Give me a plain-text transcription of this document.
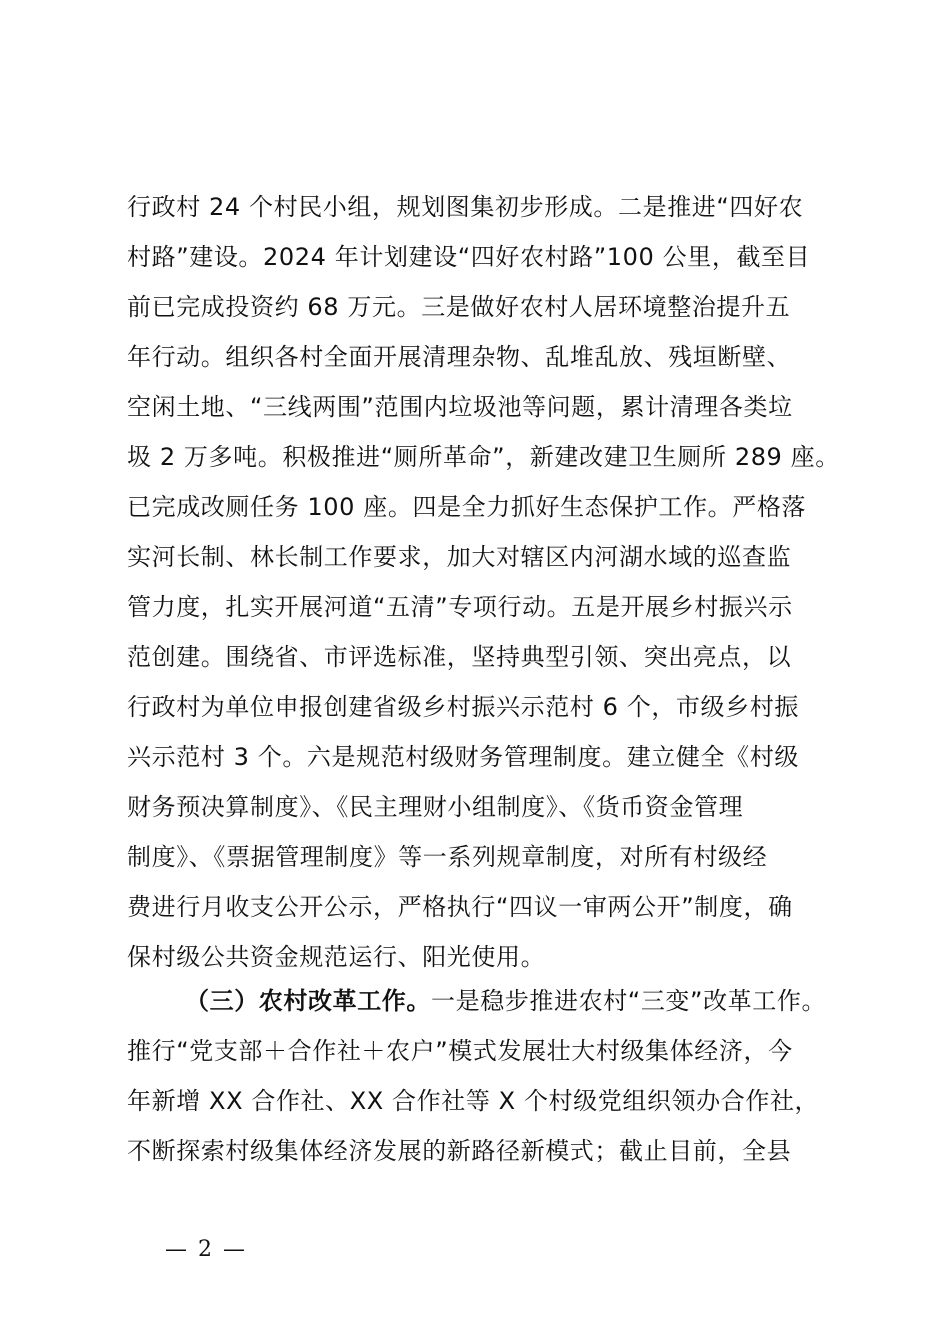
行政村 24 个村民小组，规划图集初步形成。二是推进“四好农
村路”建设。2024 年计划建设“四好农村路”100 公里，截至目
前已完成投资约 68 万元。三是做好农村人居环境整治提升五
年行动。组织各村全面开展清理杂物、乱堆乱放、残垣断壁、
空闲土地、“三线两围”范围内垃圾池等问题，累计清理各类垃
圾 2 万多吨。积极推进“厕所革命”，新建改建卫生厕所 289 座。
已完成改厕任务 100 座。四是全力抓好生态保护工作。严格落
实河长制、林长制工作要求，加大对辖区内河湖水域的巡查监
管力度，扎实开展河道“五清”专项行动。五是开展乡村振兴示
范创建。围绕省、市评选标准，坚持典型引领、突出亮点，以
行政村为单位申报创建省级乡村振兴示范村 6 个，市级乡村振
兴示范村 3 个。六是规范村级财务管理制度。建立健全《村级
财务预决算制度》、《民主理财小组制度》、《货币资金管理
制度》、《票据管理制度》等一系列规章制度，对所有村级经
费进行月收支公开公示，严格执行“四议一审两公开”制度，确
保村级公共资金规范运行、阳光使用。
（三）农村改革工作。一是稳步推进农村“三变”改革工作。
推行“党支部＋合作社＋农户”模式发展壮大村级集体经济，今
年新增 XX 合作社、XX 合作社等 X 个村级党组织领办合作社，
不断探索村级集体经济发展的新路径新模式；截止目前，全县
— 2 —
